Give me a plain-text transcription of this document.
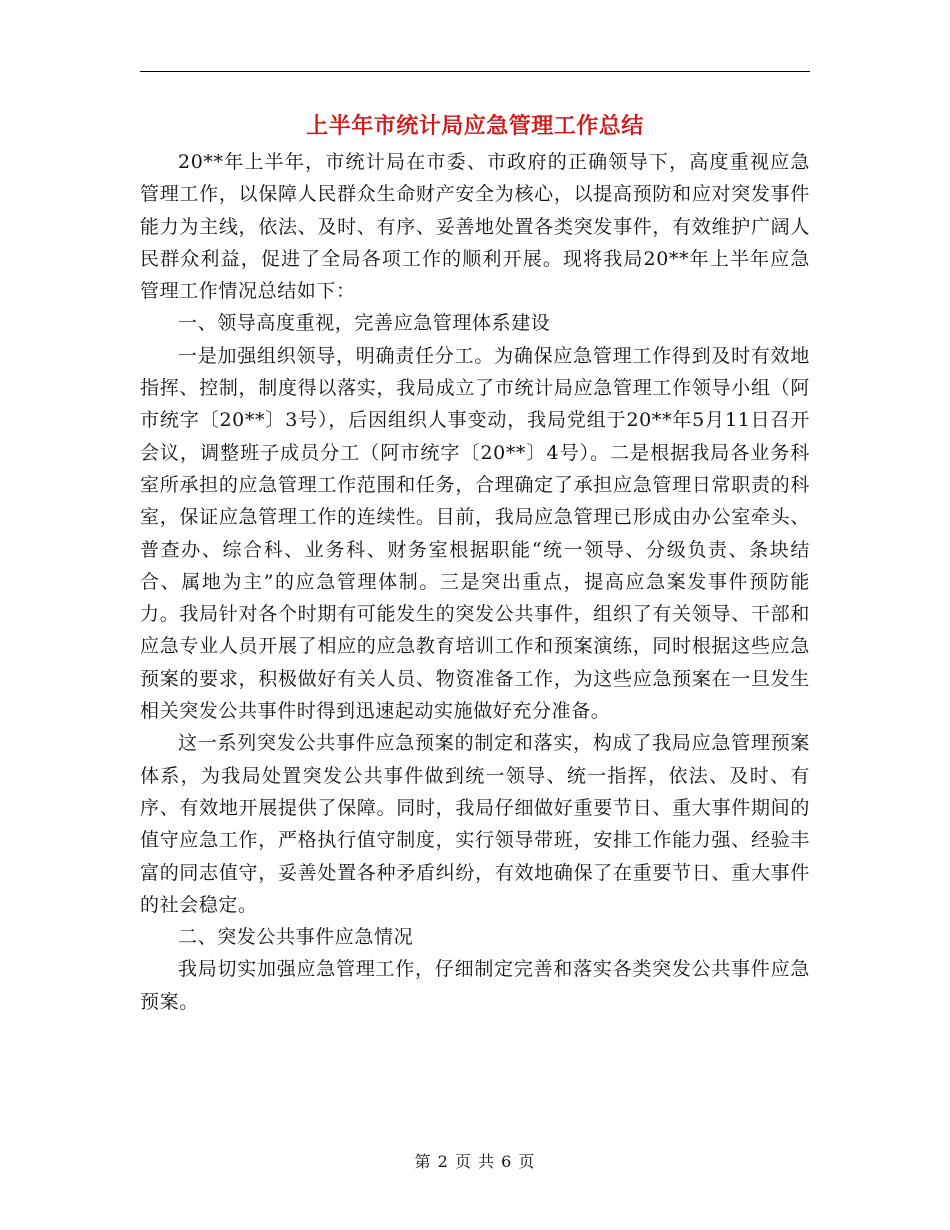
上半年市统计局应急管理工作总结

20**年上半年，市统计局在市委、市政府的正确领导下，高度重视应急管理工作，以保障人民群众生命财产安全为核心，以提高预防和应对突发事件能力为主线，依法、及时、有序、妥善地处置各类突发事件，有效维护广阔人民群众利益，促进了全局各项工作的顺利开展。现将我局20**年上半年应急管理工作情况总结如下：

一、领导高度重视，完善应急管理体系建设

一是加强组织领导，明确责任分工。为确保应急管理工作得到及时有效地指挥、控制，制度得以落实，我局成立了市统计局应急管理工作领导小组（阿市统字〔20**〕3号），后因组织人事变动，我局党组于20**年5月11日召开会议，调整班子成员分工（阿市统字〔20**〕4号）。二是根据我局各业务科室所承担的应急管理工作范围和任务，合理确定了承担应急管理日常职责的科室，保证应急管理工作的连续性。目前，我局应急管理已形成由办公室牵头、普查办、综合科、业务科、财务室根据职能“统一领导、分级负责、条块结合、属地为主”的应急管理体制。三是突出重点，提高应急案发事件预防能力。我局针对各个时期有可能发生的突发公共事件，组织了有关领导、干部和应急专业人员开展了相应的应急教育培训工作和预案演练，同时根据这些应急预案的要求，积极做好有关人员、物资准备工作，为这些应急预案在一旦发生相关突发公共事件时得到迅速起动实施做好充分准备。

这一系列突发公共事件应急预案的制定和落实，构成了我局应急管理预案体系，为我局处置突发公共事件做到统一领导、统一指挥，依法、及时、有序、有效地开展提供了保障。同时，我局仔细做好重要节日、重大事件期间的值守应急工作，严格执行值守制度，实行领导带班，安排工作能力强、经验丰富的同志值守，妥善处置各种矛盾纠纷，有效地确保了在重要节日、重大事件的社会稳定。

二、突发公共事件应急情况

我局切实加强应急管理工作，仔细制定完善和落实各类突发公共事件应急预案。

第 2 页 共 6 页
